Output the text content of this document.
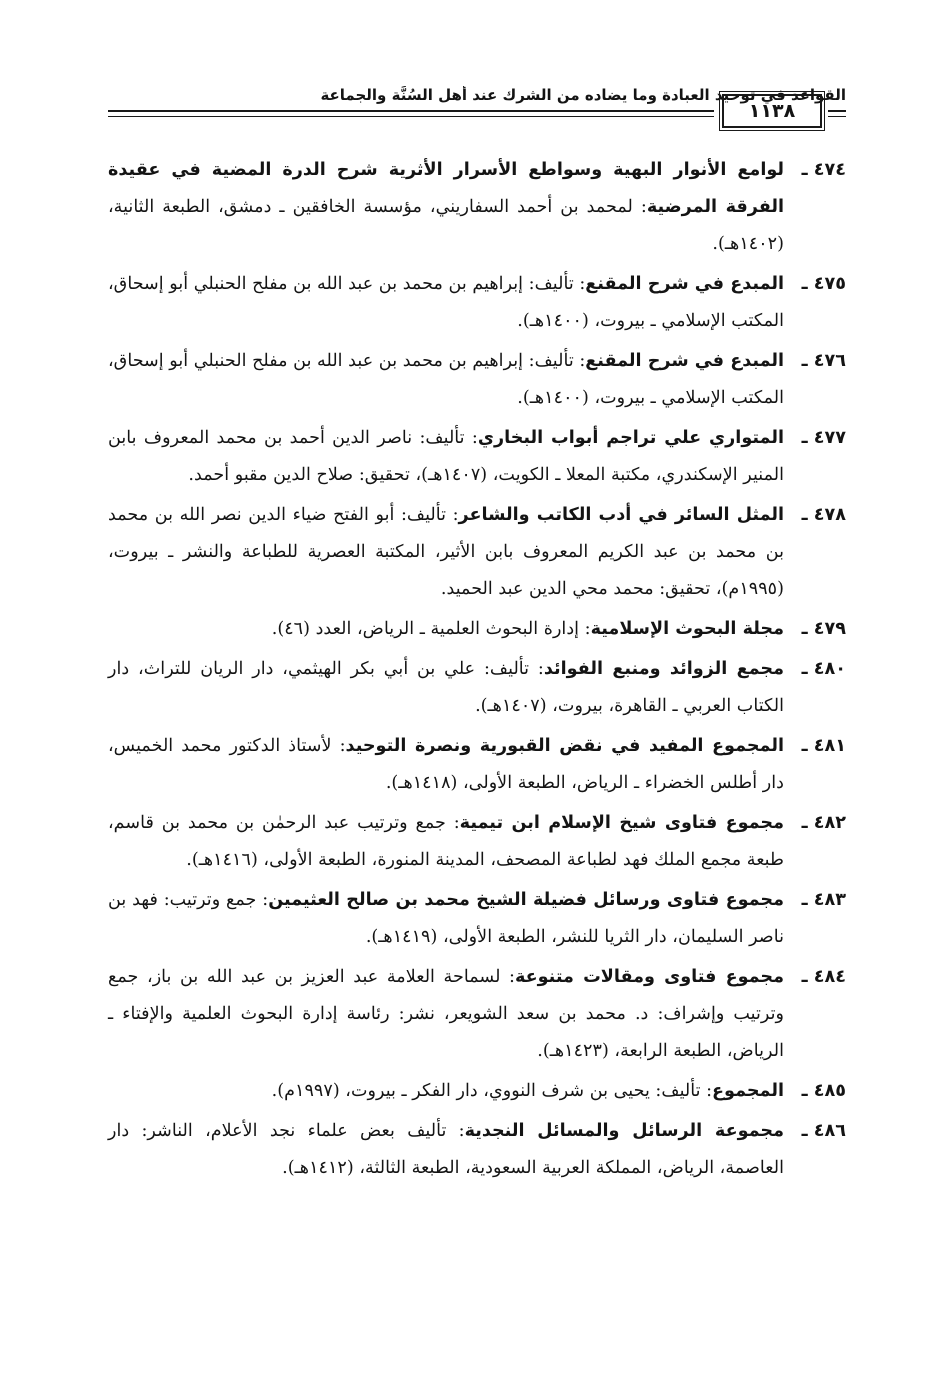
القواعد في توحيد العبادة وما يضاده من الشرك عند أهل السُنَّة والجماعة
١١٣٨
٤٧٤ ـ
لوامع الأنوار البهية وسواطع الأسرار الأثرية شرح الدرة المضية في عقيدة الفرقة المرضية: لمحمد بن أحمد السفاريني، مؤسسة الخافقين ـ دمشق، الطبعة الثانية، (١٤٠٢هـ).
٤٧٥ ـ
المبدع في شرح المقنع: تأليف: إبراهيم بن محمد بن عبد الله بن مفلح الحنبلي أبو إسحاق، المكتب الإسلامي ـ بيروت، (١٤٠٠هـ).
٤٧٦ ـ
المبدع في شرح المقنع: تأليف: إبراهيم بن محمد بن عبد الله بن مفلح الحنبلي أبو إسحاق، المكتب الإسلامي ـ بيروت، (١٤٠٠هـ).
٤٧٧ ـ
المتواري علي تراجم أبواب البخاري: تأليف: ناصر الدين أحمد بن محمد المعروف بابن المنير الإسكندري، مكتبة المعلا ـ الكويت، (١٤٠٧هـ)، تحقيق: صلاح الدين مقبو أحمد.
٤٧٨ ـ
المثل السائر في أدب الكاتب والشاعر: تأليف: أبو الفتح ضياء الدين نصر الله بن محمد بن محمد بن عبد الكريم المعروف بابن الأثير، المكتبة العصرية للطباعة والنشر ـ بيروت، (١٩٩٥م)، تحقيق: محمد محي الدين عبد الحميد.
٤٧٩ ـ
مجلة البحوث الإسلامية: إدارة البحوث العلمية ـ الرياض، العدد (٤٦).
٤٨٠ ـ
مجمع الزوائد ومنبع الفوائد: تأليف: علي بن أبي بكر الهيثمي، دار الريان للتراث، دار الكتاب العربي ـ القاهرة، بيروت، (١٤٠٧هـ).
٤٨١ ـ
المجموع المفيد في نقض القبورية ونصرة التوحيد: لأستاذ الدكتور محمد الخميس، دار أطلس الخضراء ـ الرياض، الطبعة الأولى، (١٤١٨هـ).
٤٨٢ ـ
مجموع فتاوى شيخ الإسلام ابن تيمية: جمع وترتيب عبد الرحمٰن بن محمد بن قاسم، طبعة مجمع الملك فهد لطباعة المصحف، المدينة المنورة، الطبعة الأولى، (١٤١٦هـ).
٤٨٣ ـ
مجموع فتاوى ورسائل فضيلة الشيخ محمد بن صالح العثيمين: جمع وترتيب: فهد بن ناصر السليمان، دار الثريا للنشر، الطبعة الأولى، (١٤١٩هـ).
٤٨٤ ـ
مجموع فتاوى ومقالات متنوعة: لسماحة العلامة عبد العزيز بن عبد الله بن باز، جمع وترتيب وإشراف: د. محمد بن سعد الشويعر، نشر: رئاسة إدارة البحوث العلمية والإفتاء ـ الرياض، الطبعة الرابعة، (١٤٢٣هـ).
٤٨٥ ـ
المجموع: تأليف: يحيى بن شرف النووي، دار الفكر ـ بيروت، (١٩٩٧م).
٤٨٦ ـ
مجموعة الرسائل والمسائل النجدية: تأليف بعض علماء نجد الأعلام، الناشر: دار العاصمة، الرياض، المملكة العربية السعودية، الطبعة الثالثة، (١٤١٢هـ).
